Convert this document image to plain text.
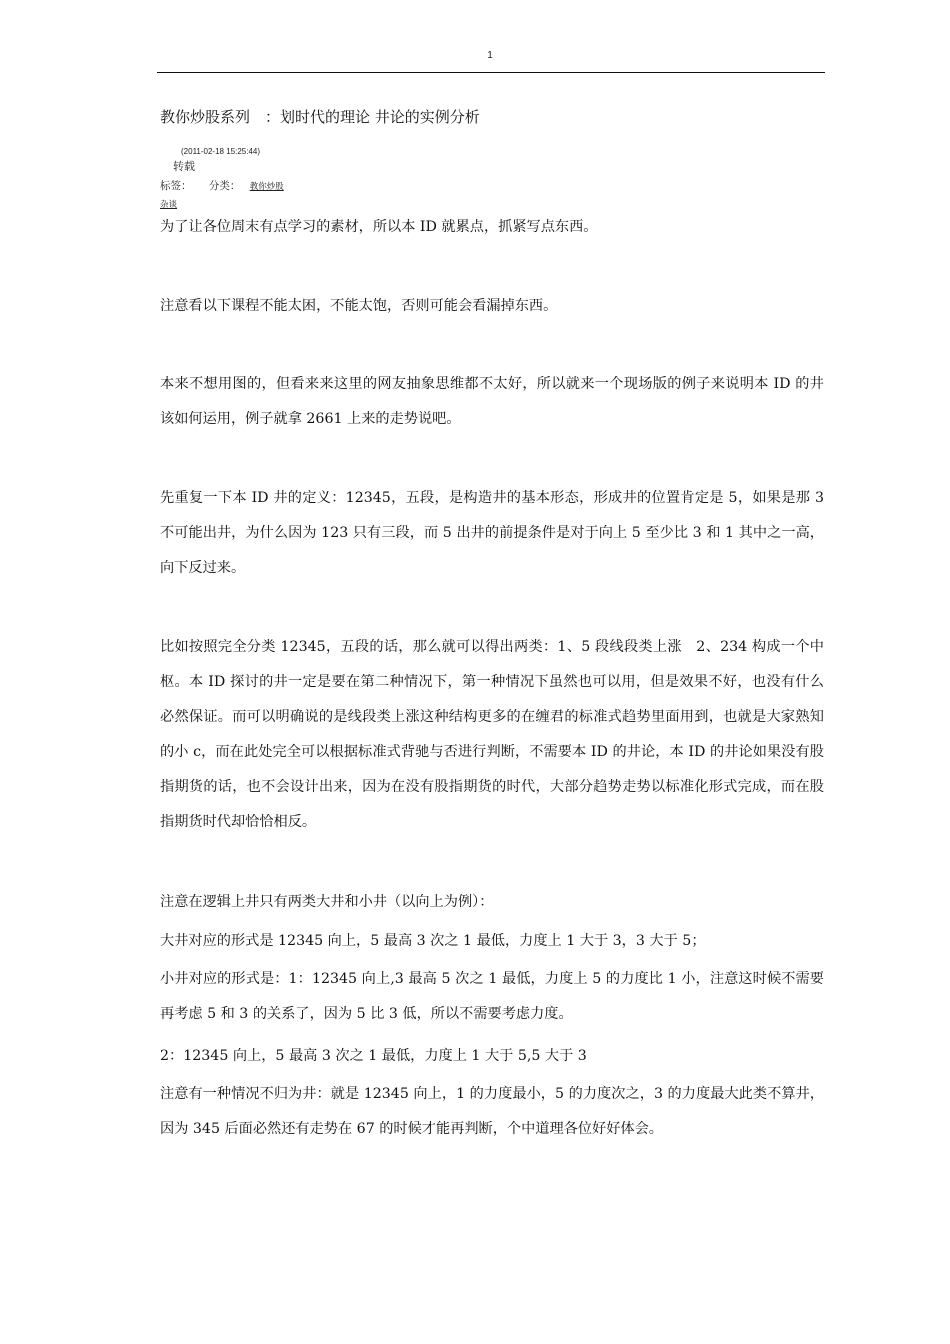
1
教你炒股系列　：划时代的理论 井论的实例分析
(2011-02-18 15:25:44)
转载
标签： 分类： 教你炒股
杂谈

为了让各位周末有点学习的素材，所以本 ID 就累点，抓紧写点东西。

注意看以下课程不能太困，不能太饱，否则可能会看漏掉东西。

本来不想用图的，但看来来这里的网友抽象思维都不太好，所以就来一个现场版的例子来说明本 ID 的井该如何运用，例子就拿 2661 上来的走势说吧。

先重复一下本 ID 井的定义：12345，五段，是构造井的基本形态，形成井的位置肯定是 5，如果是那 3 不可能出井，为什么因为 123 只有三段，而 5 出井的前提条件是对于向上 5 至少比 3 和 1 其中之一高，向下反过来。

比如按照完全分类 12345，五段的话，那么就可以得出两类：1、5 段线段类上涨　2、234 构成一个中枢。本 ID 探讨的井一定是要在第二种情况下，第一种情况下虽然也可以用，但是效果不好，也没有什么必然保证。而可以明确说的是线段类上涨这种结构更多的在缠君的标准式趋势里面用到，也就是大家熟知的小 c，而在此处完全可以根据标准式背驰与否进行判断，不需要本 ID 的井论，本 ID 的井论如果没有股指期货的话，也不会设计出来，因为在没有股指期货的时代，大部分趋势走势以标准化形式完成，而在股指期货时代却恰恰相反。

注意在逻辑上井只有两类大井和小井（以向上为例）：

大井对应的形式是 12345 向上，5 最高 3 次之 1 最低，力度上 1 大于 3，3 大于 5；

小井对应的形式是：1：12345 向上,3 最高 5 次之 1 最低，力度上 5 的力度比 1 小，注意这时候不需要再考虑 5 和 3 的关系了，因为 5 比 3 低，所以不需要考虑力度。

2：12345 向上，5 最高 3 次之 1 最低，力度上 1 大于 5,5 大于 3

注意有一种情况不归为井：就是 12345 向上，1 的力度最小，5 的力度次之，3 的力度最大此类不算井，因为 345 后面必然还有走势在 67 的时候才能再判断，个中道理各位好好体会。
